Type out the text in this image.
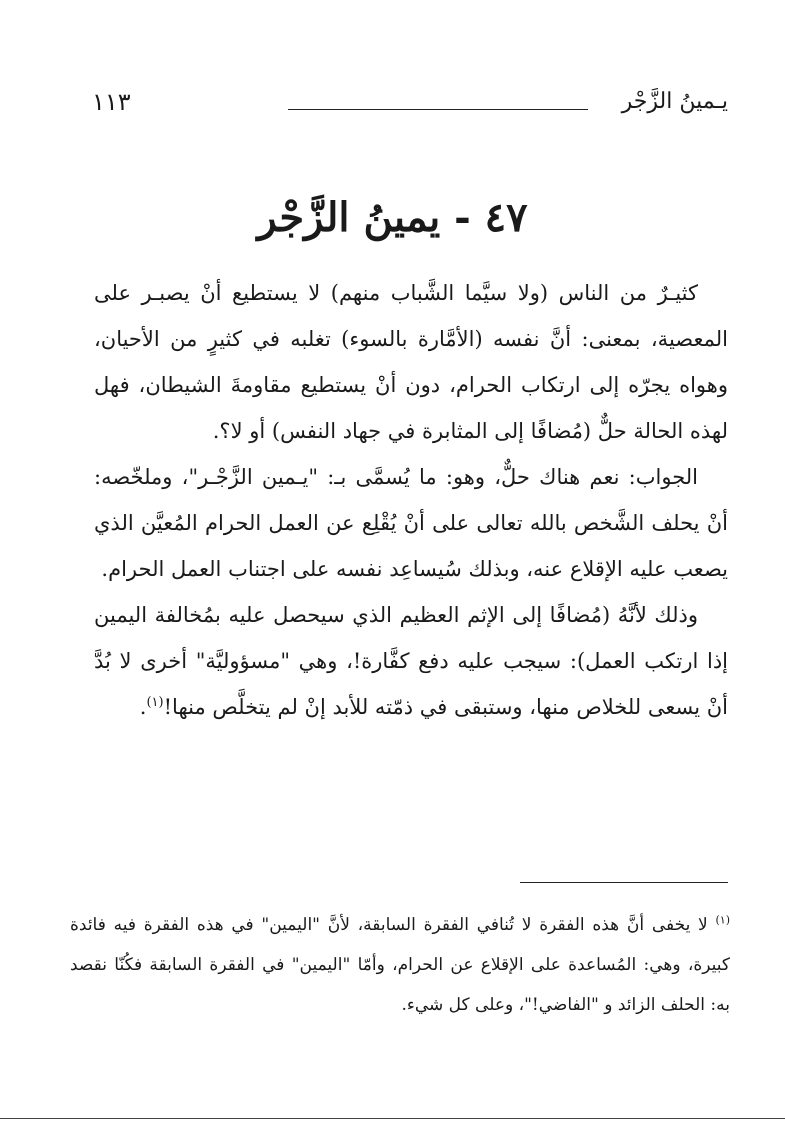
يـمينُ الزَّجْر
١١٣
٤٧ - يمينُ الزَّجْر

كثيـرٌ من الناس (ولا سيَّما الشَّباب منهم) لا يستطيع أنْ يصبـر على المعصية، بمعنى: أنَّ نفسه (الأمَّارة بالسوء) تغلبه في كثيرٍ من الأحيان، وهواه يجرّه إلى ارتكاب الحرام، دون أنْ يستطيع مقاومةَ الشيطان، فهل لهذه الحالة حلٌّ (مُضافًا إلى المثابرة في جهاد النفس) أو لا؟.

الجواب: نعم هناك حلٌّ، وهو: ما يُسمَّى بـ: "يـمين الزَّجْـر"، وملخّصه: أنْ يحلف الشَّخص بالله تعالى على أنْ يُقْلِع عن العمل الحرام المُعيَّن الذي يصعب عليه الإقلاع عنه، وبذلك سُيساعِد نفسه على اجتناب العمل الحرام.

وذلك لأنَّهُ (مُضافًا إلى الإثم العظيم الذي سيحصل عليه بمُخالفة اليمين إذا ارتكب العمل): سيجب عليه دفع كفَّارة!، وهي "مسؤوليَّة" أخرى لا بُدَّ أنْ يسعى للخلاص منها، وستبقى في ذمّته للأبد إنْ لم يتخلَّص منها!$^{(١)}$.

$^{(١)}$ لا يخفى أنَّ هذه الفقرة لا تُنافي الفقرة السابقة، لأنَّ "اليمين" في هذه الفقرة فيه فائدة كبيرة، وهي: المُساعدة على الإقلاع عن الحرام، وأمّا "اليمين" في الفقرة السابقة فكُنّا نقصد به: الحلف الزائد و "الفاضي!"، وعلى كل شيء.
